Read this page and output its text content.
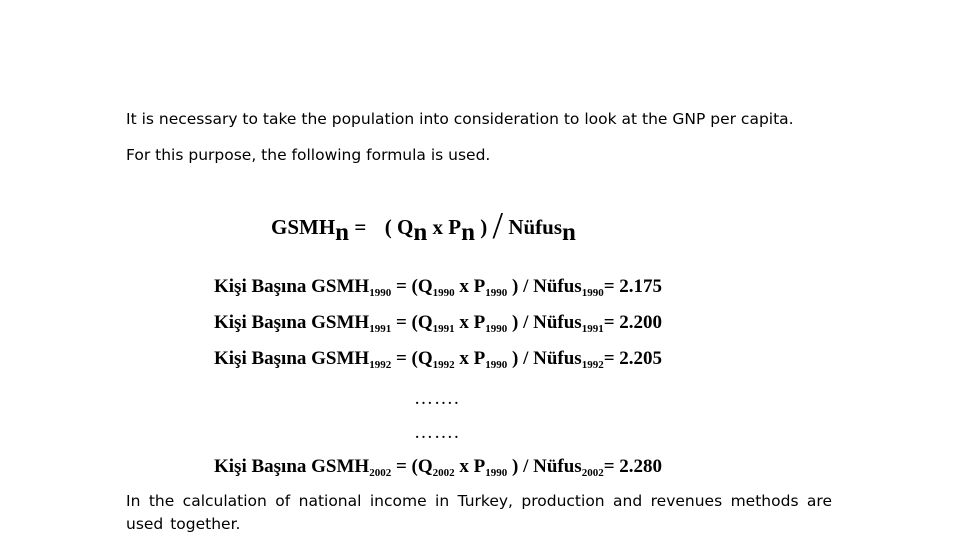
It is necessary to take the population into consideration to look at the GNP per capita.
For this purpose, the following formula is used.
GSMHn = ( Qn x Pn ) / Nüfusn
Kişi Başına $GSMH_{1990} = (Q_{1990}$ x $P_{1990}$ ) / Nüfus$_{1990}$= 2.175
Kişi Başına $GSMH_{1991} = (Q_{1991}$ x $P_{1990}$ ) / Nüfus$_{1991}$= 2.200
Kişi Başına $GSMH_{1992} = (Q_{1992}$ x $P_{1990}$ ) / Nüfus$_{1992}$= 2.205
…….
…….
Kişi Başına $GSMH_{2002} = (Q_{2002}$ x $P_{1990}$ ) / Nüfus$_{2002}$= 2.280
In the calculation of national income in Turkey, production and revenues methods are used together.
